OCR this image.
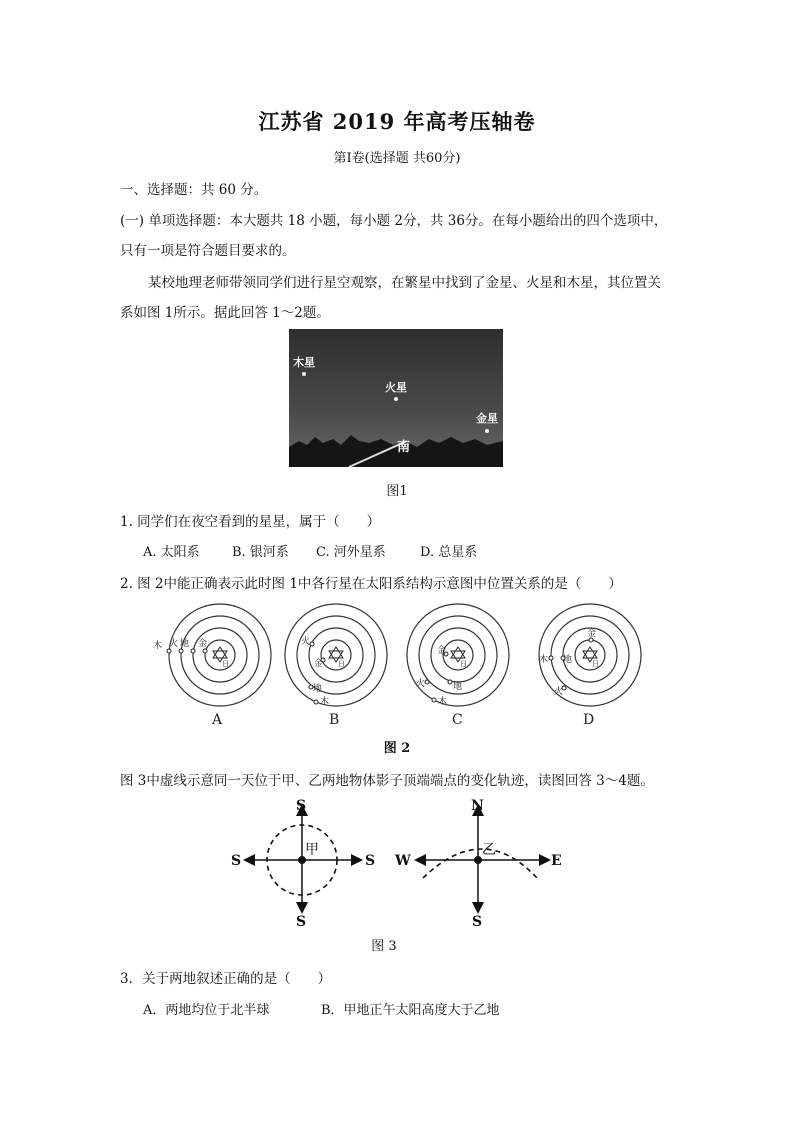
江苏省 2019 年高考压轴卷
第Ⅰ卷(选择题 共60分)
一、选择题：共 60 分。
(一) 单项选择题：本大题共 18 小题，每小题 2分，共 36分。在每小题给出的四个选项中，
只有一项是符合题目要求的。
某校地理老师带领同学们进行星空观察，在繁星中找到了金星、火星和木星，其位置关
系如图 1所示。据此回答 1～2题。
木星
火星
金星
南
图1
1. 同学们在夜空看到的星星，属于（　　）
A. 太阳系 B. 银河系 C. 河外星系	D. 总星系
2. 图 2中能正确表示此时图 1中各行星在太阳系结构示意图中位置关系的是（　　）
日
金
地
火
木
A
日
金
火
地
木
B
日
金
地
火
木
C
日
金
地
木
火
D
图 2
图 3中虚线示意同一天位于甲、乙两地物体影子顶端端点的变化轨迹，读图回答 3～4题。
S
S
S	S
甲
N
S
W	E
乙
图 3
3．关于两地叙述正确的是（　　）
A．两地均位于北半球	B．甲地正午太阳高度大于乙地
